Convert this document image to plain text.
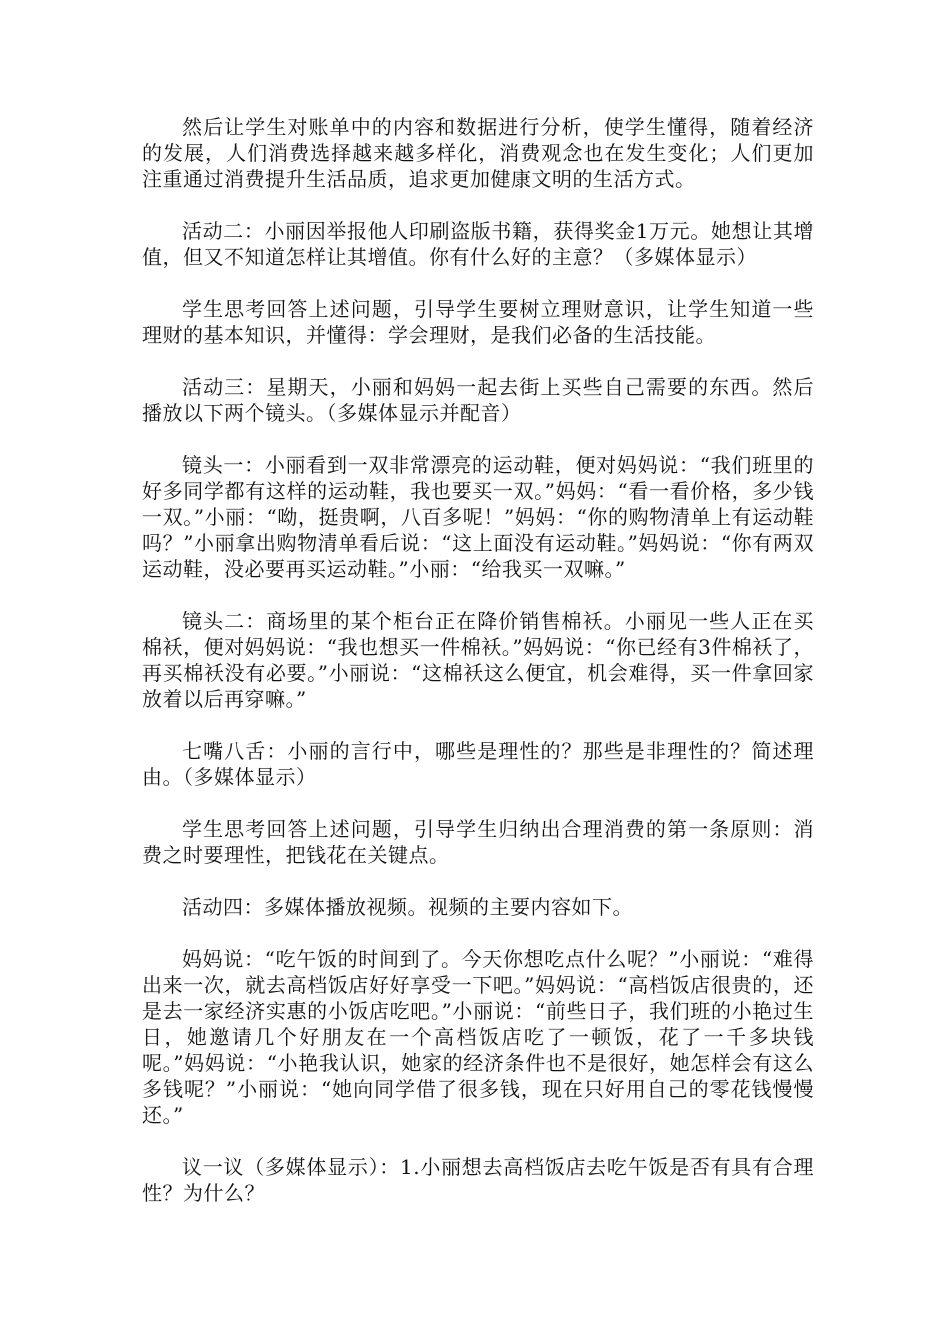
然后让学生对账单中的内容和数据进行分析，使学生懂得，随着经济的发展，人们消费选择越来越多样化，消费观念也在发生变化；人们更加注重通过消费提升生活品质，追求更加健康文明的生活方式。

活动二：小丽因举报他人印刷盗版书籍，获得奖金1万元。她想让其增值，但又不知道怎样让其增值。你有什么好的主意？（多媒体显示）

学生思考回答上述问题，引导学生要树立理财意识，让学生知道一些理财的基本知识，并懂得：学会理财，是我们必备的生活技能。

活动三：星期天，小丽和妈妈一起去街上买些自己需要的东西。然后播放以下两个镜头。（多媒体显示并配音）

镜头一：小丽看到一双非常漂亮的运动鞋，便对妈妈说：“我们班里的好多同学都有这样的运动鞋，我也要买一双。”妈妈：“看一看价格，多少钱一双。”小丽：“呦，挺贵啊，八百多呢！”妈妈：“你的购物清单上有运动鞋吗？”小丽拿出购物清单看后说：“这上面没有运动鞋。”妈妈说：“你有两双运动鞋，没必要再买运动鞋。”小丽：“给我买一双嘛。”

镜头二：商场里的某个柜台正在降价销售棉袄。小丽见一些人正在买棉袄，便对妈妈说：“我也想买一件棉袄。”妈妈说：“你已经有3件棉袄了，再买棉袄没有必要。”小丽说：“这棉袄这么便宜，机会难得，买一件拿回家放着以后再穿嘛。”

七嘴八舌：小丽的言行中，哪些是理性的？那些是非理性的？简述理由。（多媒体显示）

学生思考回答上述问题，引导学生归纳出合理消费的第一条原则：消费之时要理性，把钱花在关键点。

活动四：多媒体播放视频。视频的主要内容如下。

妈妈说：“吃午饭的时间到了。今天你想吃点什么呢？”小丽说：“难得出来一次，就去高档饭店好好享受一下吧。”妈妈说：“高档饭店很贵的，还是去一家经济实惠的小饭店吃吧。”小丽说：“前些日子，我们班的小艳过生日，她邀请几个好朋友在一个高档饭店吃了一顿饭，花了一千多块钱呢。”妈妈说：“小艳我认识，她家的经济条件也不是很好，她怎样会有这么多钱呢？”小丽说：“她向同学借了很多钱，现在只好用自己的零花钱慢慢还。”

议一议（多媒体显示）：1.小丽想去高档饭店去吃午饭是否有具有合理性？为什么？
